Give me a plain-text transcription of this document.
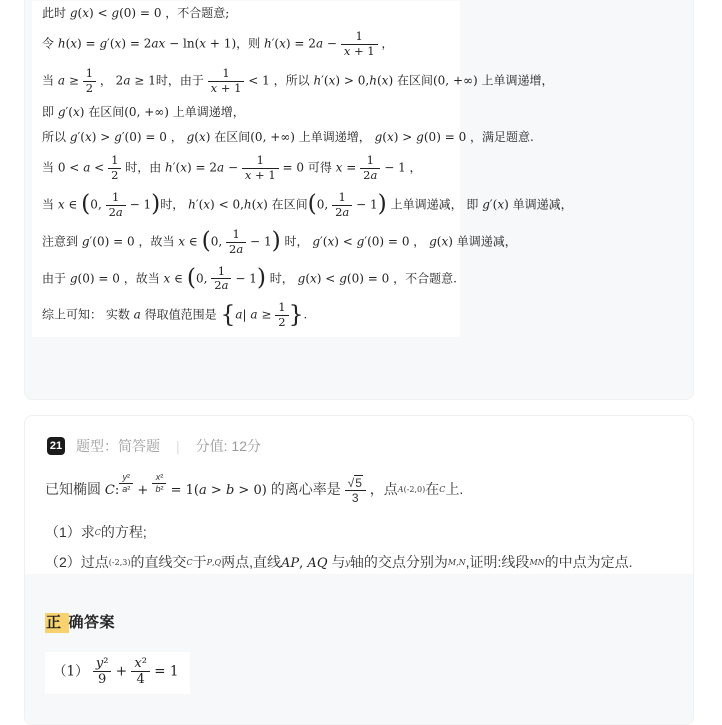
此时 g(x) < g(0) = 0 ，不合题意;
令 h(x) = g′(x) = 2ax − ln(x + 1)，则 $h'(x) = 2a - \frac{1}{x + 1}$ ，
当 $a \ge \frac{1}{2}$ ， 2a ≥ 1时，由于 $\frac{1}{x + 1} < 1$ ，所以 h′(x) > 0,h(x) 在区间(0, +∞) 上单调递增，
即 g′(x) 在区间(0, +∞) 上单调递增，
所以 g′(x) > g′(0) = 0 ， g(x) 在区间(0, +∞) 上单调递增， g(x) > g(0) = 0 ，满足题意.
当 $0 < a < \frac{1}{2}$ 时，由 $h'(x) = 2a - \frac{1}{x + 1} = 0$ 可得 $x = \frac{1}{2a} - 1$ ，
当 x ∈ (0, $\frac{1}{2a} - 1$)时， h′(x) < 0,h(x) 在区间(0, $\frac{1}{2a} - 1$) 上单调递减， 即 g′(x) 单调递减，
注意到 g′(0) = 0 ，故当 x ∈ (0, $\frac{1}{2a} - 1$) 时， g′(x) < g′(0) = 0 ， g(x) 单调递减，
由于 g(0) = 0 ，故当 x ∈ (0, $\frac{1}{2a} - 1$) 时， g(x) < g(0) = 0 ，不合题意.
综上可知： 实数 a 得取值范围是 {a| $a \ge \frac{1}{2}$ }.
21 题型：简答题 | 分值: 12分
已知椭圆 C: $\frac{\text{y²}}{\text{a²}} + \frac{\text{x²}}{\text{b²}} = 1(a > b > 0)$ 的离心率是 $\frac{√5}{3}$ ，点A(-2,0)在C上.
（1）求C的方程;
（2）过点(-2,3)的直线交C于P,Q两点,直线AP, AQ 与y轴的交点分别为M,N,证明:线段MN的中点为定点.
正 确答案
$(1) \frac{\text{y²}}{9} + \frac{\text{x²}}{4} = 1$
